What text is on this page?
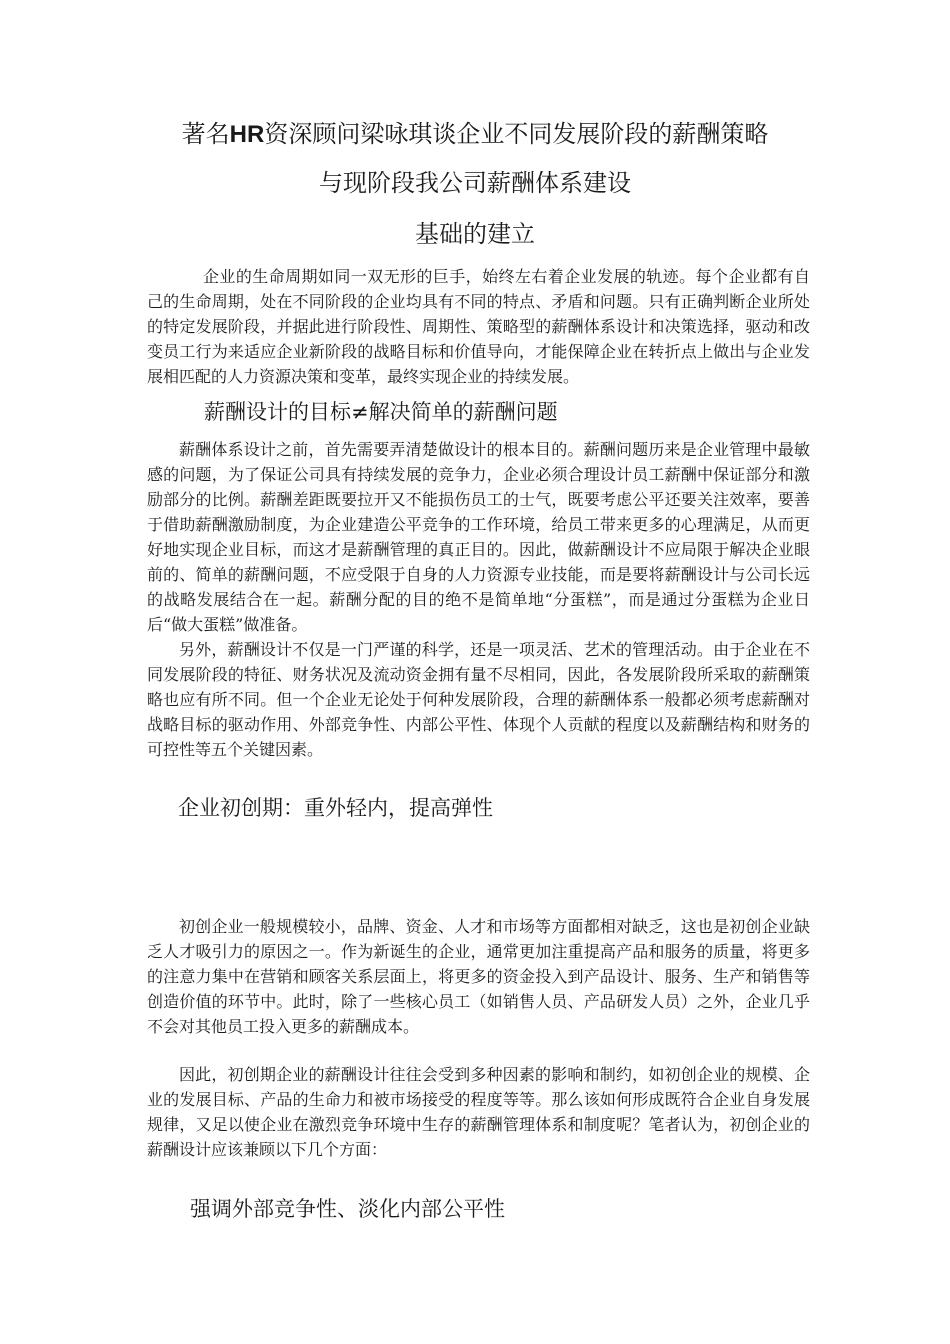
著名HR资深顾问梁咏琪谈企业不同发展阶段的薪酬策略
与现阶段我公司薪酬体系建设
基础的建立

企业的生命周期如同一双无形的巨手，始终左右着企业发展的轨迹。每个企业都有自己的生命周期，处在不同阶段的企业均具有不同的特点、矛盾和问题。只有正确判断企业所处的特定发展阶段，并据此进行阶段性、周期性、策略型的薪酬体系设计和决策选择，驱动和改变员工行为来适应企业新阶段的战略目标和价值导向，才能保障企业在转折点上做出与企业发展相匹配的人力资源决策和变革，最终实现企业的持续发展。

薪酬设计的目标≠解决简单的薪酬问题

薪酬体系设计之前，首先需要弄清楚做设计的根本目的。薪酬问题历来是企业管理中最敏感的问题，为了保证公司具有持续发展的竞争力，企业必须合理设计员工薪酬中保证部分和激励部分的比例。薪酬差距既要拉开又不能损伤员工的士气，既要考虑公平还要关注效率，要善于借助薪酬激励制度，为企业建造公平竞争的工作环境，给员工带来更多的心理满足，从而更好地实现企业目标，而这才是薪酬管理的真正目的。因此，做薪酬设计不应局限于解决企业眼前的、简单的薪酬问题，不应受限于自身的人力资源专业技能，而是要将薪酬设计与公司长远的战略发展结合在一起。薪酬分配的目的绝不是简单地“分蛋糕”，而是通过分蛋糕为企业日后“做大蛋糕”做准备。

另外，薪酬设计不仅是一门严谨的科学，还是一项灵活、艺术的管理活动。由于企业在不同发展阶段的特征、财务状况及流动资金拥有量不尽相同，因此，各发展阶段所采取的薪酬策略也应有所不同。但一个企业无论处于何种发展阶段，合理的薪酬体系一般都必须考虑薪酬对战略目标的驱动作用、外部竞争性、内部公平性、体现个人贡献的程度以及薪酬结构和财务的可控性等五个关键因素。

企业初创期：重外轻内，提高弹性

初创企业一般规模较小，品牌、资金、人才和市场等方面都相对缺乏，这也是初创企业缺乏人才吸引力的原因之一。作为新诞生的企业，通常更加注重提高产品和服务的质量，将更多的注意力集中在营销和顾客关系层面上，将更多的资金投入到产品设计、服务、生产和销售等创造价值的环节中。此时，除了一些核心员工（如销售人员、产品研发人员）之外，企业几乎不会对其他员工投入更多的薪酬成本。

因此，初创期企业的薪酬设计往往会受到多种因素的影响和制约，如初创企业的规模、企业的发展目标、产品的生命力和被市场接受的程度等等。那么该如何形成既符合企业自身发展规律，又足以使企业在激烈竞争环境中生存的薪酬管理体系和制度呢？笔者认为，初创企业的薪酬设计应该兼顾以下几个方面：

强调外部竞争性、淡化内部公平性
